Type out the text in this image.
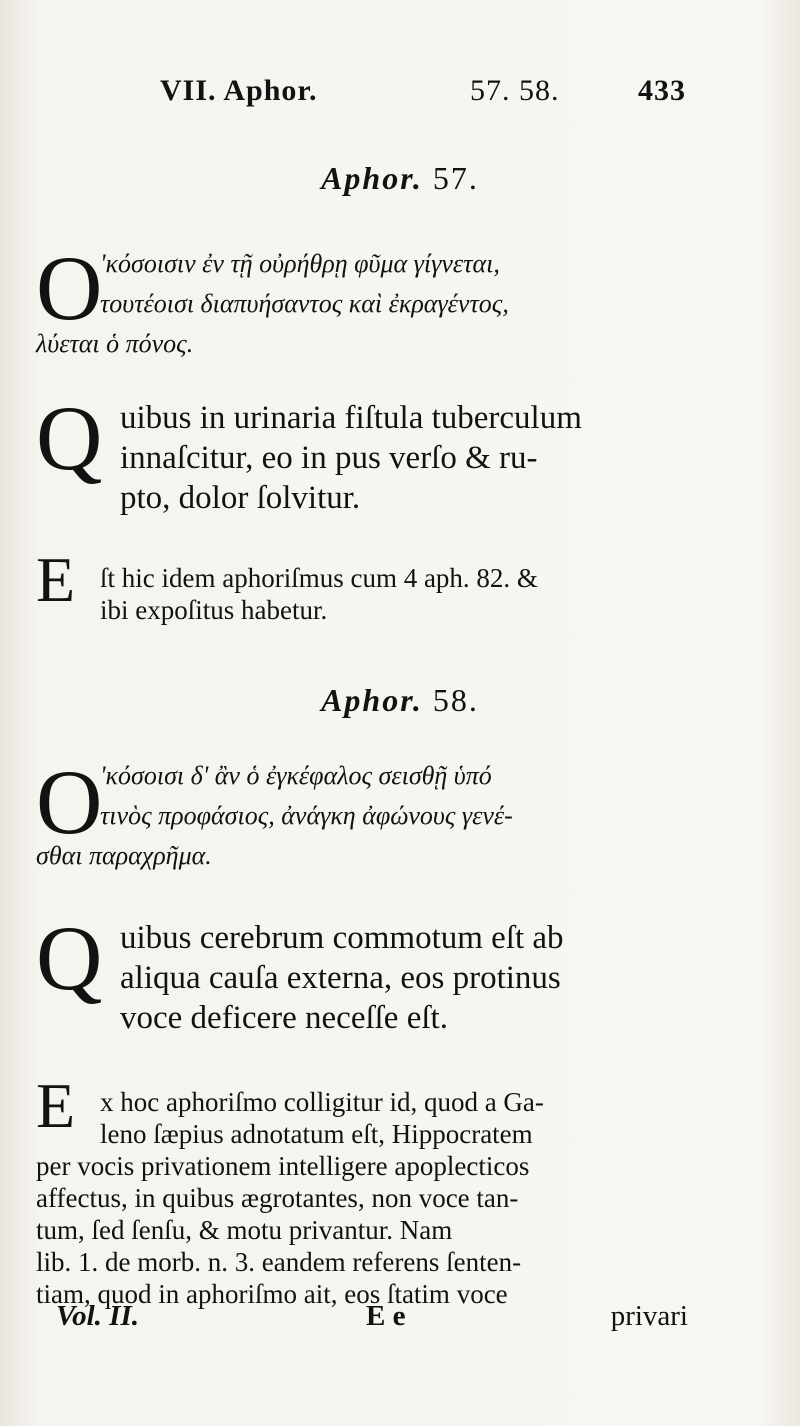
VII. Aphor.	57. 58.	433
Aphor. 57.
O
'κόσοισιν ἐν τῇ οὐρήθρῃ φῦμα γίγνεται,
τουτέοισι διαπυήσαντος καὶ ἐκραγέντος,
λύεται ὁ πόνος.
Q uibus in urinaria fiſtula tuberculum
innaſcitur, eo in pus verſo & ru-
pto, dolor ſolvitur.
E ſt hic idem aphoriſmus cum 4 aph. 82. &
ibi expoſitus habetur.
Aphor. 58.
O
'κόσοισι δ' ἂν ὁ ἐγκέφαλος σεισθῇ ὑπό
τινὸς προφάσιος, ἀνάγκη ἀφώνους γενέ-
σθαι παραχρῆμα.
Q uibus cerebrum commotum eſt ab
aliqua cauſa externa, eos protinus
voce deficere neceſſe eſt.
E x hoc aphoriſmo colligitur id, quod a Ga-
leno ſæpius adnotatum eſt, Hippocratem
per vocis privationem intelligere apoplecticos
affectus, in quibus ægrotantes, non voce tan-
tum, ſed ſenſu, & motu privantur. Nam
lib. 1. de morb. n. 3. eandem referens ſenten-
tiam, quod in aphoriſmo ait, eos ſtatim voce
Vol. II.	E e	privari
